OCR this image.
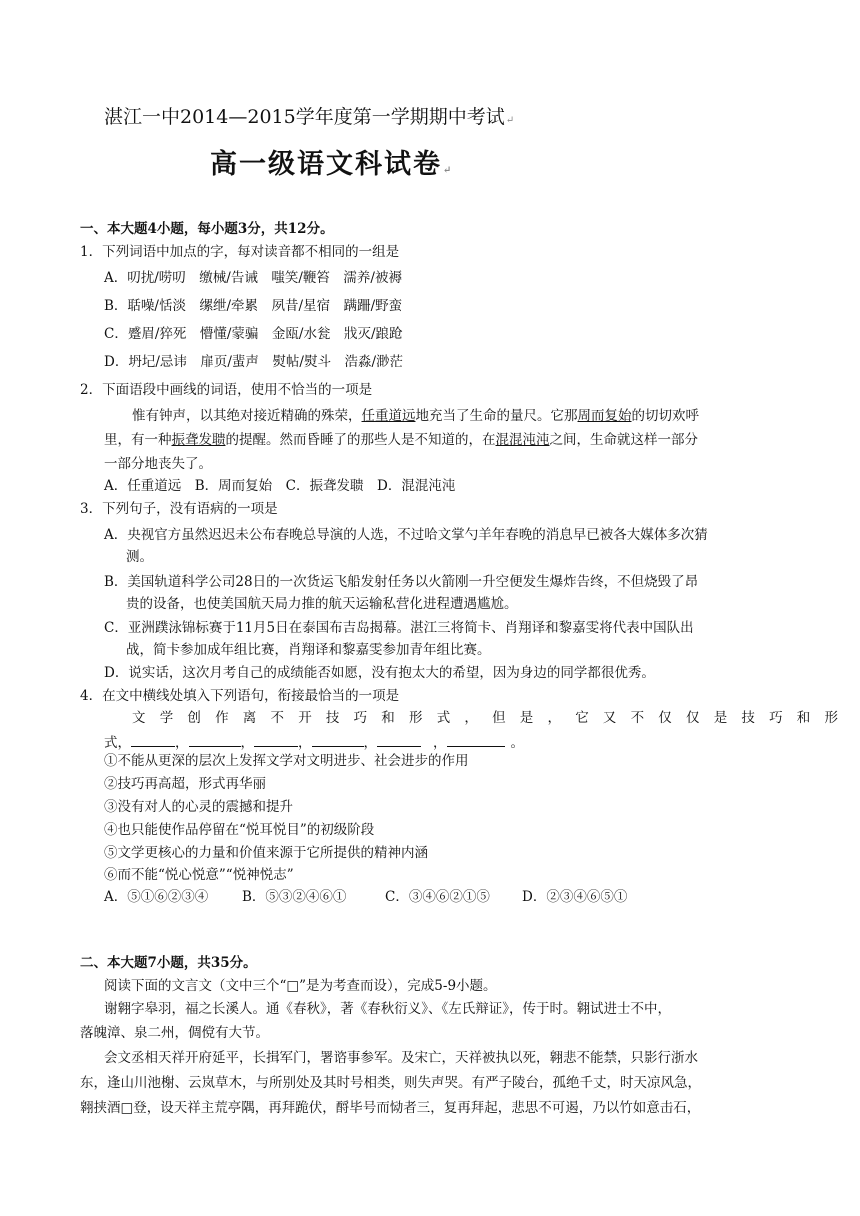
湛江一中2014—2015学年度第一学期期中考试↵
高一级语文科试卷↵
一、本大题4小题，每小题3分，共12分。
1．下列词语中加点的字，每对读音都不相同的一组是
A．叨扰/唠叨　缴械/告诫　嗤笑/鞭笞　濡养/被褥
B．聒噪/恬淡　缧绁/牵累　夙昔/星宿　蹒跚/野蛮
C．蹙眉/猝死　懵懂/蒙骗　金瓯/水瓮　戕灭/踉跄
D．坍圮/忌讳　扉页/蜚声　熨帖/熨斗　浩淼/渺茫
2．下面语段中画线的词语，使用不恰当的一项是
惟有钟声，以其绝对接近精确的殊荣，任重道远地充当了生命的量尺。它那周而复始的切切欢呼
里，有一种振聋发聩的提醒。然而昏睡了的那些人是不知道的，在混混沌沌之间，生命就这样一部分
一部分地丧失了。
A．任重道远　B．周而复始　C．振聋发聩　D．混混沌沌
3．下列句子，没有语病的一项是
A．央视官方虽然迟迟未公布春晚总导演的人选，不过哈文掌勺羊年春晚的消息早已被各大媒体多次猜
测。
B．美国轨道科学公司28日的一次货运飞船发射任务以火箭刚一升空便发生爆炸告终，不但烧毁了昂
贵的设备，也使美国航天局力推的航天运输私营化进程遭遇尴尬。
C．亚洲蹼泳锦标赛于11月5日在泰国布吉岛揭幕。湛江三将简卡、肖翔译和黎嘉雯将代表中国队出
战，简卡参加成年组比赛，肖翔译和黎嘉雯参加青年组比赛。
D．说实话，这次月考自己的成绩能否如愿，没有抱太大的希望，因为身边的同学都很优秀。
4．在文中横线处填入下列语句，衔接最恰当的一项是
文学创作离不开技巧和形式，但是，它又不仅仅是技巧和形
式，	，	，	，	，	，	。
①不能从更深的层次上发挥文学对文明进步、社会进步的作用
②技巧再高超，形式再华丽
③没有对人的心灵的震撼和提升
④也只能使作品停留在“悦耳悦目”的初级阶段
⑤文学更核心的力量和价值来源于它所提供的精神内涵
⑥而不能“悦心悦意”“悦神悦志”
A．⑤①⑥②③④	B．⑤③②④⑥①	C．③④⑥②①⑤ D．②③④⑥⑤①
二、本大题7小题，共35分。
阅读下面的文言文（文中三个“□”是为考查而设），完成5-9小题。
谢翱字皋羽，福之长溪人。通《春秋》，著《春秋衍义》、《左氏辩证》，传于时。翱试进士不中，
落魄漳、泉二州，倜傥有大节。
会文丞相天祥开府延平，长揖军门，署谘事参军。及宋亡，天祥被执以死，翱悲不能禁，只影行浙水
东，逢山川池榭、云岚草木，与所别处及其时号相类，则失声哭。有严子陵台，孤绝千丈，时天凉风急，
翱挟酒□登，设天祥主荒亭隅，再拜跪伏，酹毕号而恸者三，复再拜起，悲思不可遏，乃以竹如意击石，
